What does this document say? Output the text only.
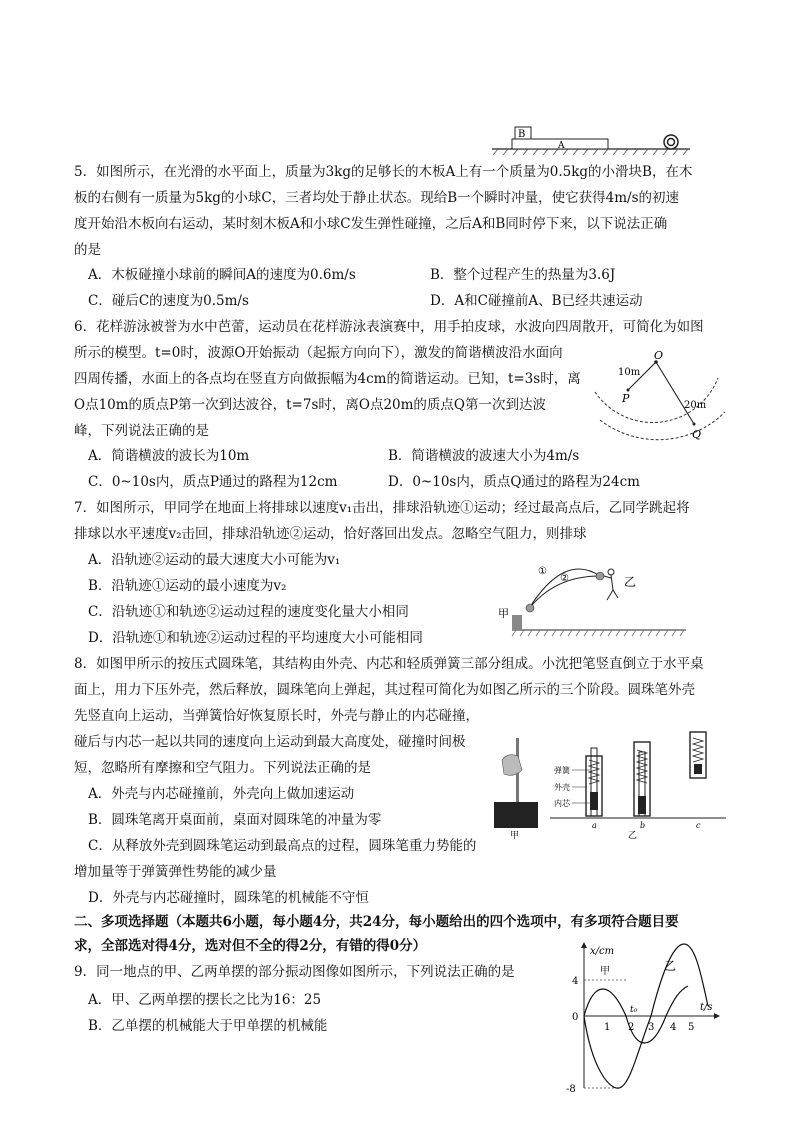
B
A
5．如图所示，在光滑的水平面上，质量为3kg的足够长的木板A上有一个质量为0.5kg的小滑块B，在木
板的右侧有一质量为5kg的小球C，三者均处于静止状态。现给B一个瞬时冲量，使它获得4m/s的初速
度开始沿木板向右运动，某时刻木板A和小球C发生弹性碰撞，之后A和B同时停下来，以下说法正确
的是
A．木板碰撞小球前的瞬间A的速度为0.6m/s	B．整个过程产生的热量为3.6J
C．碰后C的速度为0.5m/s	D．A和C碰撞前A、B已经共速运动
6．花样游泳被誉为水中芭蕾，运动员在花样游泳表演赛中，用手拍皮球，水波向四周散开，可简化为如图
所示的模型。t=0时，波源O开始振动（起振方向向下），激发的简谐横波沿水面向
四周传播，水面上的各点均在竖直方向做振幅为4cm的简谐运动。已知，t=3s时，离
O点10m的质点P第一次到达波谷，t=7s时，离O点20m的质点Q第一次到达波
峰，下列说法正确的是
A．简谐横波的波长为10m	B．简谐横波的波速大小为4m/s
C．0~10s内，质点P通过的路程为12cm	D．0~10s内，质点Q通过的路程为24cm
O
P
Q
10m
20m
7．如图所示，甲同学在地面上将排球以速度v₁击出，排球沿轨迹①运动；经过最高点后，乙同学跳起将
排球以水平速度v₂击回，排球沿轨迹②运动，恰好落回出发点。忽略空气阻力，则排球
A．沿轨迹②运动的最大速度大小可能为v₁
B．沿轨迹①运动的最小速度为v₂
C．沿轨迹①和轨迹②运动过程的速度变化量大小相同
D．沿轨迹①和轨迹②运动过程的平均速度大小可能相同
①
②
甲
乙
8．如图甲所示的按压式圆珠笔，其结构由外壳、内芯和轻质弹簧三部分组成。小沈把笔竖直倒立于水平桌
面上，用力下压外壳，然后释放，圆珠笔向上弹起，其过程可简化为如图乙所示的三个阶段。圆珠笔外壳
先竖直向上运动，当弹簧恰好恢复原长时，外壳与静止的内芯碰撞，
碰后与内芯一起以共同的速度向上运动到最大高度处，碰撞时间极
短，忽略所有摩擦和空气阻力。下列说法正确的是
A．外壳与内芯碰撞前，外壳向上做加速运动
B．圆珠笔离开桌面前，桌面对圆珠笔的冲量为零
C．从释放外壳到圆珠笔运动到最高点的过程，圆珠笔重力势能的
增加量等于弹簧弹性势能的减少量
D．外壳与内芯碰撞时，圆珠笔的机械能不守恒
甲
弹簧
外壳
内芯
a	b	c
乙
二、多项选择题（本题共6小题，每小题4分，共24分，每小题给出的四个选项中，有多项符合题目要
求，全部选对得4分，选对但不全的得2分，有错的得0分）
9．同一地点的甲、乙两单摆的部分振动图像如图所示，下列说法正确的是
A．甲、乙两单摆的摆长之比为16：25
B．乙单摆的机械能大于甲单摆的机械能
x/cm
t/s
4
0
-8
1 2 3 4 5
t₀
甲	乙
